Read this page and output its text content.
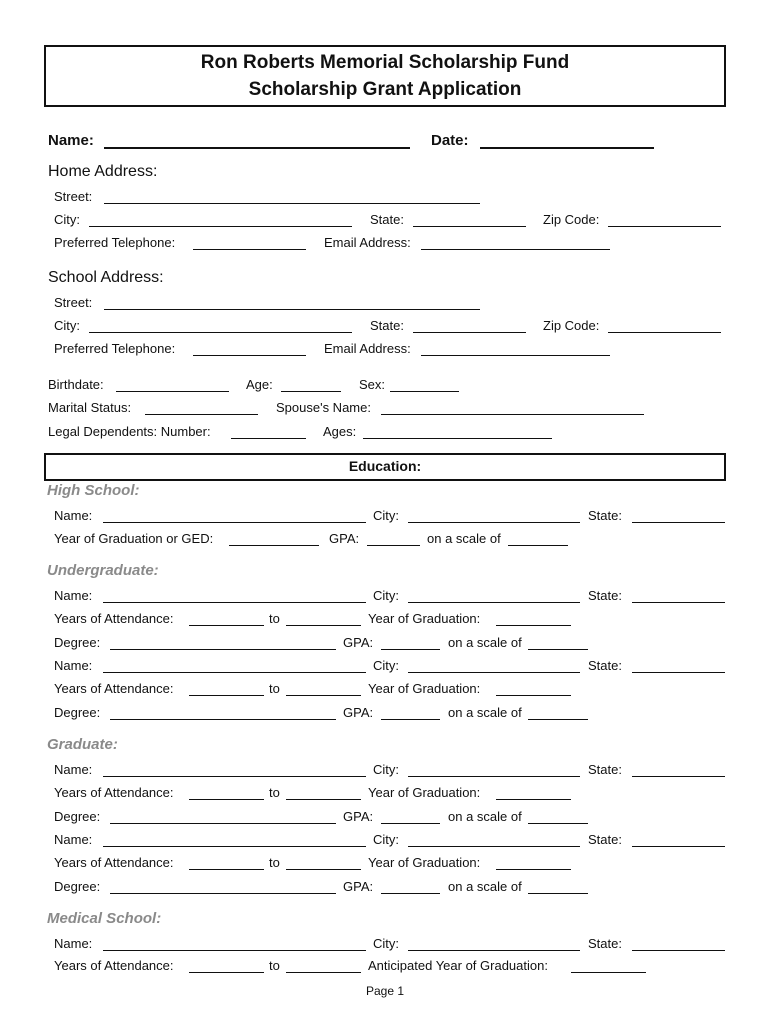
Ron Roberts Memorial Scholarship Fund
Scholarship Grant Application
Name:	Date:
Home Address:
Street:
City:	State:	Zip Code:
Preferred Telephone:	Email Address:
School Address:
Street:
City:	State:	Zip Code:
Preferred Telephone:	Email Address:
Birthdate:	Age:	Sex:
Marital Status:	Spouse's Name:
Legal Dependents: Number:	Ages:
Education:
High School:
Name:	City:	State:
Year of Graduation or GED:	GPA:	on a scale of
Undergraduate:
Name:	City:	State:
Years of Attendance:	to	Year of Graduation:
Degree:	GPA:	on a scale of
Name:	City:	State:
Years of Attendance:	to	Year of Graduation:
Degree:	GPA:	on a scale of
Graduate:
Name:	City:	State:
Years of Attendance:	to	Year of Graduation:
Degree:	GPA:	on a scale of
Name:	City:	State:
Years of Attendance:	to	Year of Graduation:
Degree:	GPA:	on a scale of
Medical School:
Name:	City:	State:
Years of Attendance:	to	Anticipated Year of Graduation:
Page 1
